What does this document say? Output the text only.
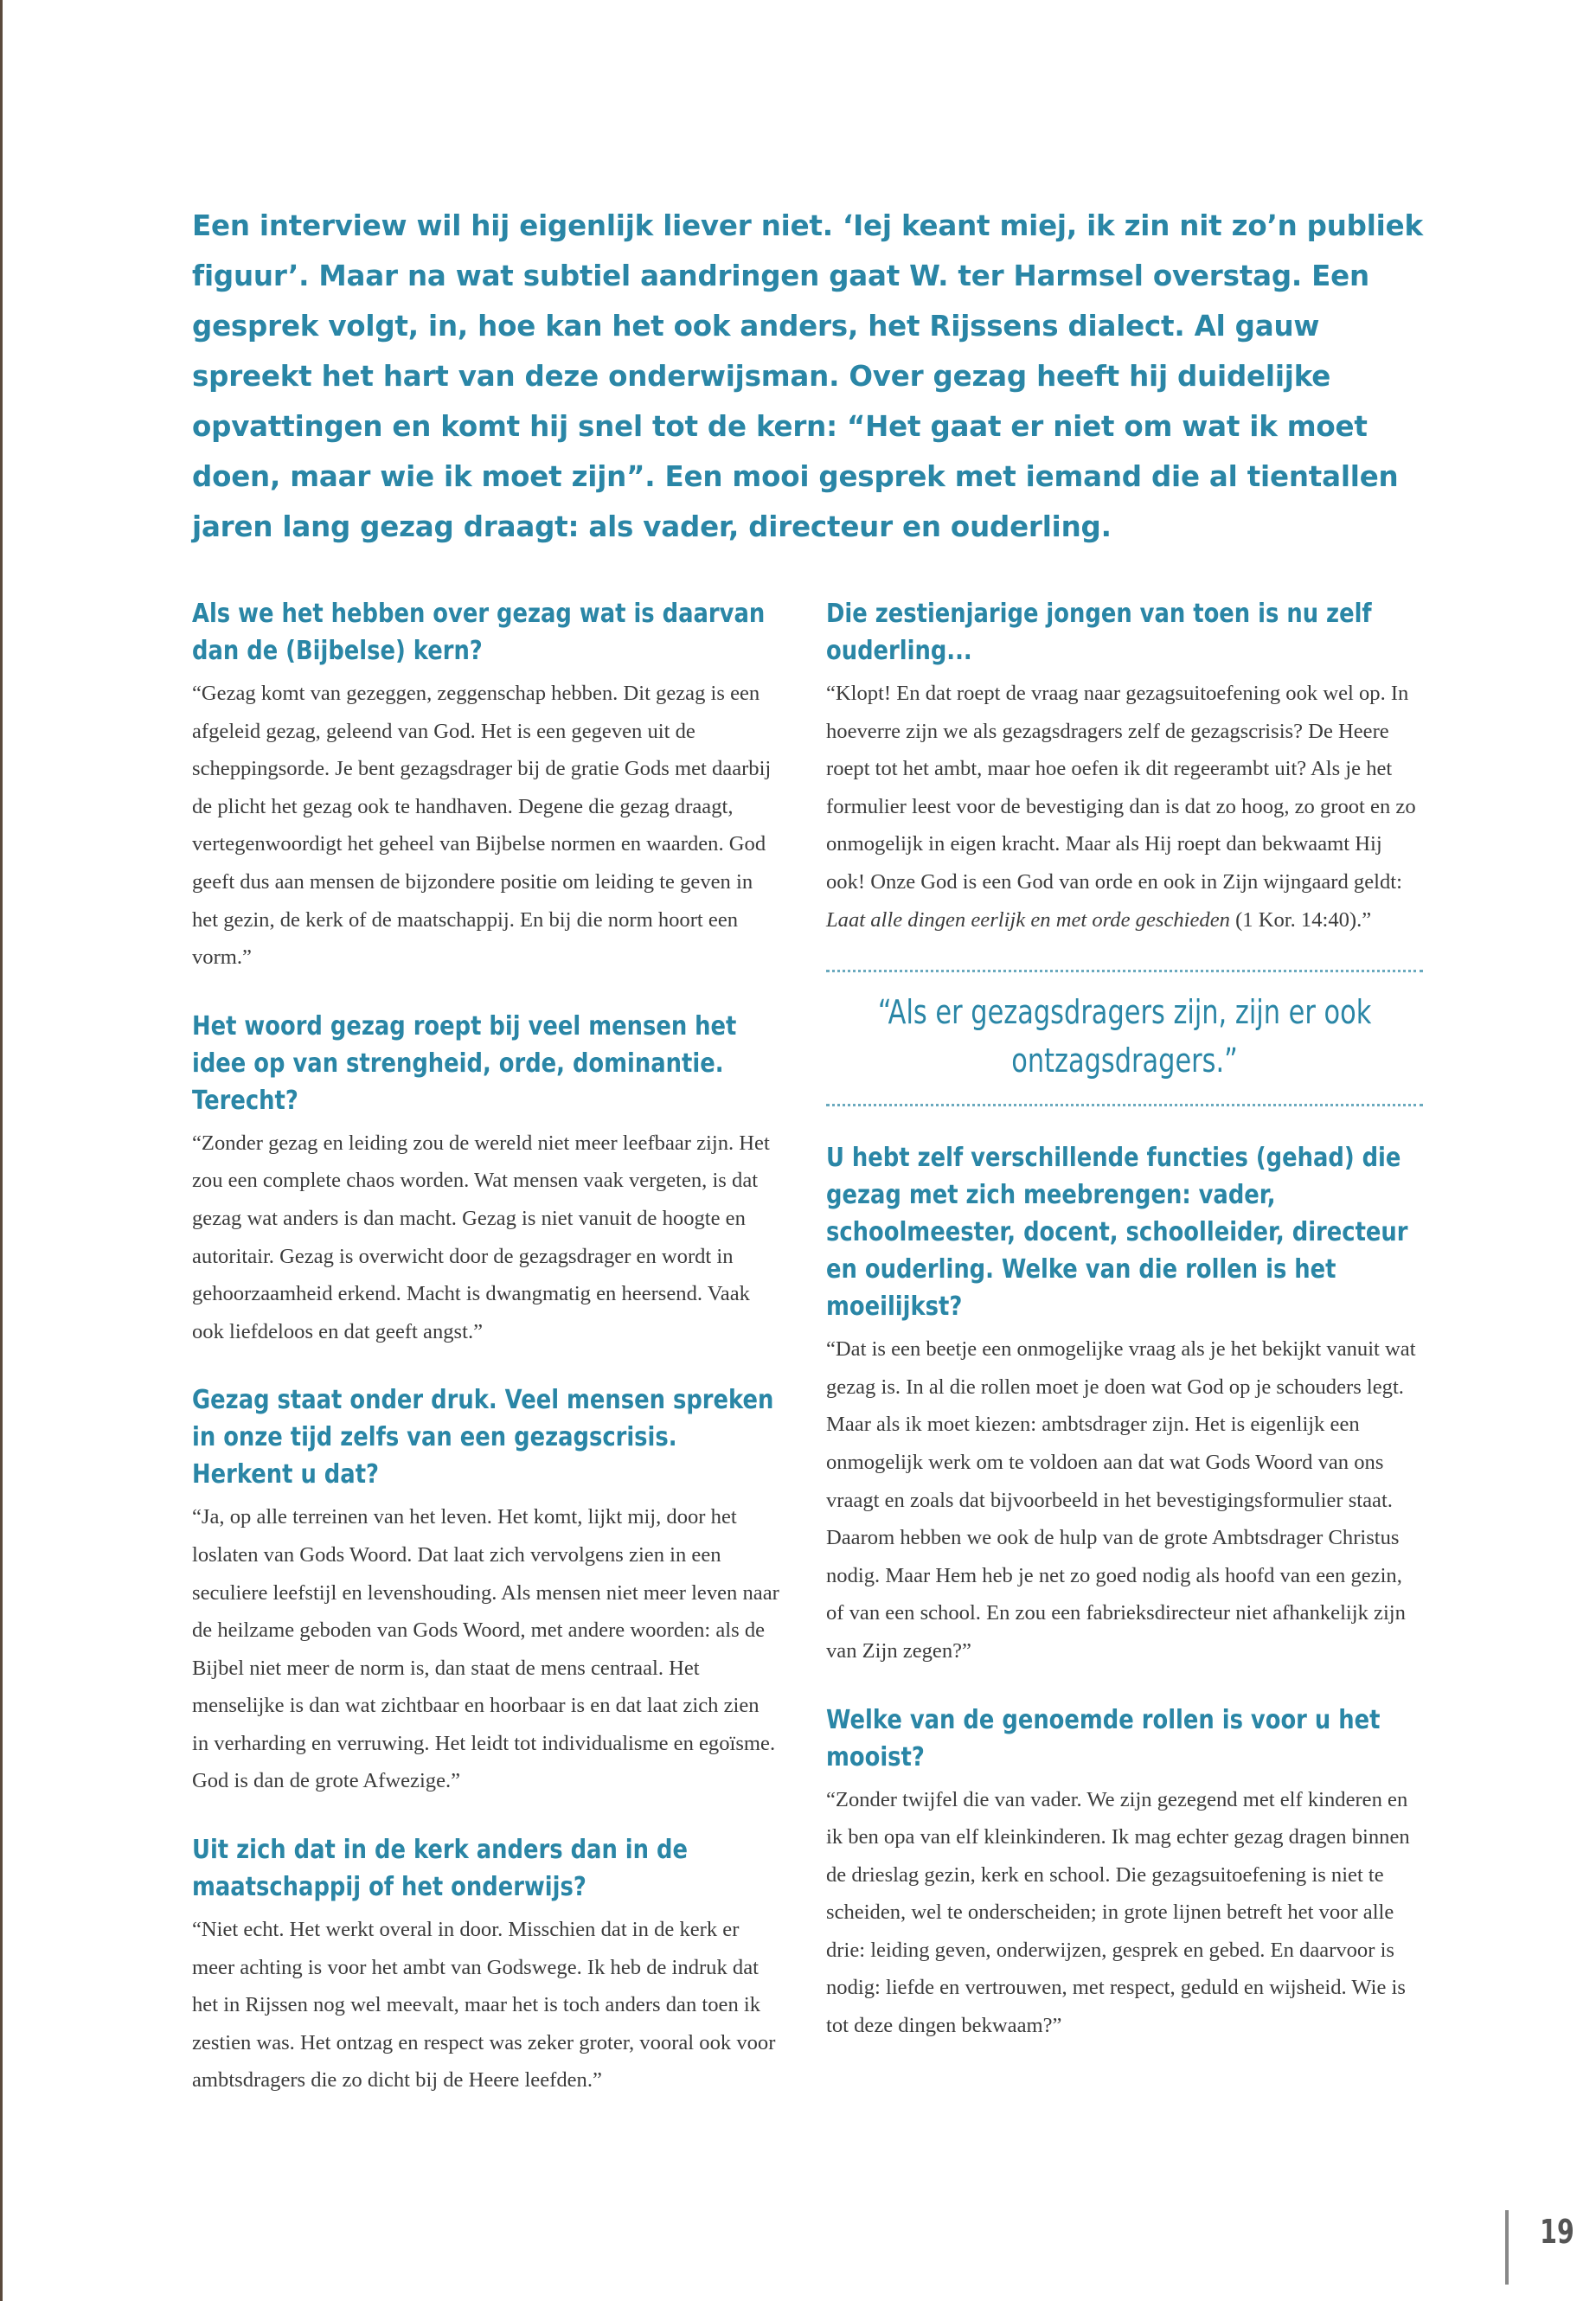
Een interview wil hij eigenlijk liever niet. ‘Iej keant miej, ik zin nit zo’n publiek figuur’. Maar na wat subtiel aandringen gaat W. ter Harmsel overstag. Een gesprek volgt, in, hoe kan het ook anders, het Rijssens dialect. Al gauw spreekt het hart van deze onderwijsman. Over gezag heeft hij duidelijke opvattingen en komt hij snel tot de kern: “Het gaat er niet om wat ik moet doen, maar wie ik moet zijn”. Een mooi gesprek met iemand die al tientallen jaren lang gezag draagt: als vader, directeur en ouderling.

Als we het hebben over gezag wat is daarvan dan de (Bijbelse) kern?

“Gezag komt van gezeggen, zeggenschap hebben. Dit gezag is een afgeleid gezag, geleend van God. Het is een gegeven uit de scheppingsorde. Je bent gezagsdrager bij de gratie Gods met daarbij de plicht het gezag ook te handhaven. Degene die gezag draagt, vertegenwoordigt het geheel van Bijbelse normen en waarden. God geeft dus aan mensen de bijzondere positie om leiding te geven in het gezin, de kerk of de maatschappij. En bij die norm hoort een vorm.”

Het woord gezag roept bij veel mensen het idee op van strengheid, orde, dominantie. Terecht?

“Zonder gezag en leiding zou de wereld niet meer leefbaar zijn. Het zou een complete chaos worden. Wat mensen vaak vergeten, is dat gezag wat anders is dan macht. Gezag is niet vanuit de hoogte en autoritair. Gezag is overwicht door de gezagsdrager en wordt in gehoorzaamheid erkend. Macht is dwangmatig en heersend. Vaak ook liefdeloos en dat geeft angst.”

Gezag staat onder druk. Veel mensen spreken in onze tijd zelfs van een gezagscrisis. Herkent u dat?

“Ja, op alle terreinen van het leven. Het komt, lijkt mij, door het loslaten van Gods Woord. Dat laat zich vervolgens zien in een seculiere leefstijl en levenshouding. Als mensen niet meer leven naar de heilzame geboden van Gods Woord, met andere woorden: als de Bijbel niet meer de norm is, dan staat de mens centraal. Het menselijke is dan wat zichtbaar en hoorbaar is en dat laat zich zien in verharding en verruwing. Het leidt tot individualisme en egoïsme. God is dan de grote Afwezige.”

Uit zich dat in de kerk anders dan in de maatschappij of het onderwijs?

“Niet echt. Het werkt overal in door. Misschien dat in de kerk er meer achting is voor het ambt van Godswege. Ik heb de indruk dat het in Rijssen nog wel meevalt, maar het is toch anders dan toen ik zestien was. Het ontzag en respect was zeker groter, vooral ook voor ambtsdragers die zo dicht bij de Heere leefden.”

Die zestienjarige jongen van toen is nu zelf ouderling...

“Klopt! En dat roept de vraag naar gezagsuitoefening ook wel op. In hoeverre zijn we als gezagsdragers zelf de gezagscrisis? De Heere roept tot het ambt, maar hoe oefen ik dit regeerambt uit? Als je het formulier leest voor de bevestiging dan is dat zo hoog, zo groot en zo onmogelijk in eigen kracht. Maar als Hij roept dan bekwaamt Hij ook! Onze God is een God van orde en ook in Zijn wijngaard geldt: Laat alle dingen eerlijk en met orde geschieden (1 Kor. 14:40).”

“Als er gezagsdragers zijn, zijn er ook ontzagsdragers.”
U hebt zelf verschillende functies (gehad) die gezag met zich meebrengen: vader, schoolmeester, docent, schoolleider, directeur en ouderling. Welke van die rollen is het moeilijkst?

“Dat is een beetje een onmogelijke vraag als je het bekijkt vanuit wat gezag is. In al die rollen moet je doen wat God op je schouders legt. Maar als ik moet kiezen: ambtsdrager zijn. Het is eigenlijk een onmogelijk werk om te voldoen aan dat wat Gods Woord van ons vraagt en zoals dat bijvoorbeeld in het bevestigingsformulier staat. Daarom hebben we ook de hulp van de grote Ambtsdrager Christus nodig. Maar Hem heb je net zo goed nodig als hoofd van een gezin, of van een school. En zou een fabrieksdirecteur niet afhankelijk zijn van Zijn zegen?”

Welke van de genoemde rollen is voor u het mooist?

“Zonder twijfel die van vader. We zijn gezegend met elf kinderen en ik ben opa van elf kleinkinderen. Ik mag echter gezag dragen binnen de drieslag gezin, kerk en school. Die gezagsuitoefening is niet te scheiden, wel te onderscheiden; in grote lijnen betreft het voor alle drie: leiding geven, onderwijzen, gesprek en gebed. En daarvoor is nodig: liefde en vertrouwen, met respect, geduld en wijsheid. Wie is tot deze dingen bekwaam?”

19
